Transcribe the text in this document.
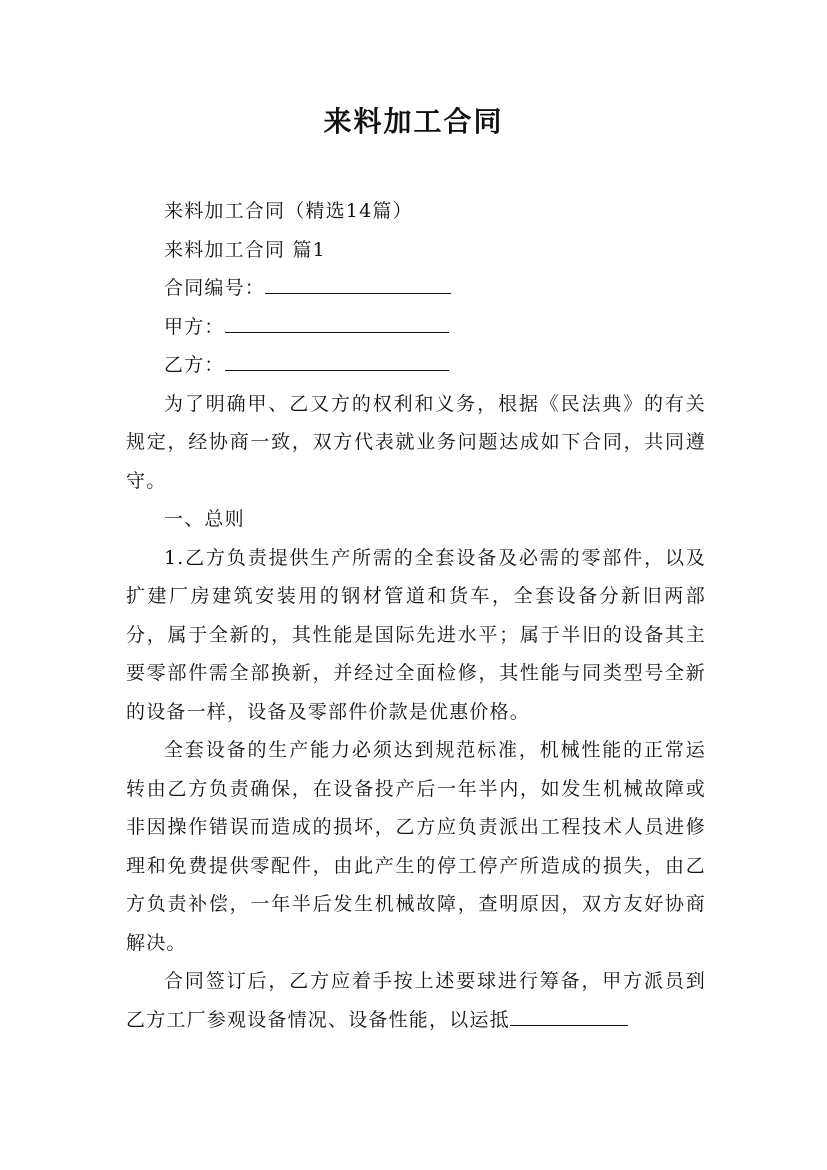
来料加工合同

来料加工合同（精选14篇）

来料加工合同 篇1

合同编号：

甲方：

乙方：

为了明确甲、乙又方的权利和义务，根据《民法典》的有关规定，经协商一致，双方代表就业务问题达成如下合同，共同遵守。

一、总则

1.乙方负责提供生产所需的全套设备及必需的零部件，以及扩建厂房建筑安装用的钢材管道和货车，全套设备分新旧两部分，属于全新的，其性能是国际先进水平；属于半旧的设备其主要零部件需全部换新，并经过全面检修，其性能与同类型号全新的设备一样，设备及零部件价款是优惠价格。

全套设备的生产能力必须达到规范标准，机械性能的正常运转由乙方负责确保，在设备投产后一年半内，如发生机械故障或非因操作错误而造成的损坏，乙方应负责派出工程技术人员进修理和免费提供零配件，由此产生的停工停产所造成的损失，由乙方负责补偿，一年半后发生机械故障，查明原因，双方友好协商解决。

合同签订后，乙方应着手按上述要球进行筹备，甲方派员到乙方工厂参观设备情况、设备性能，以运抵
